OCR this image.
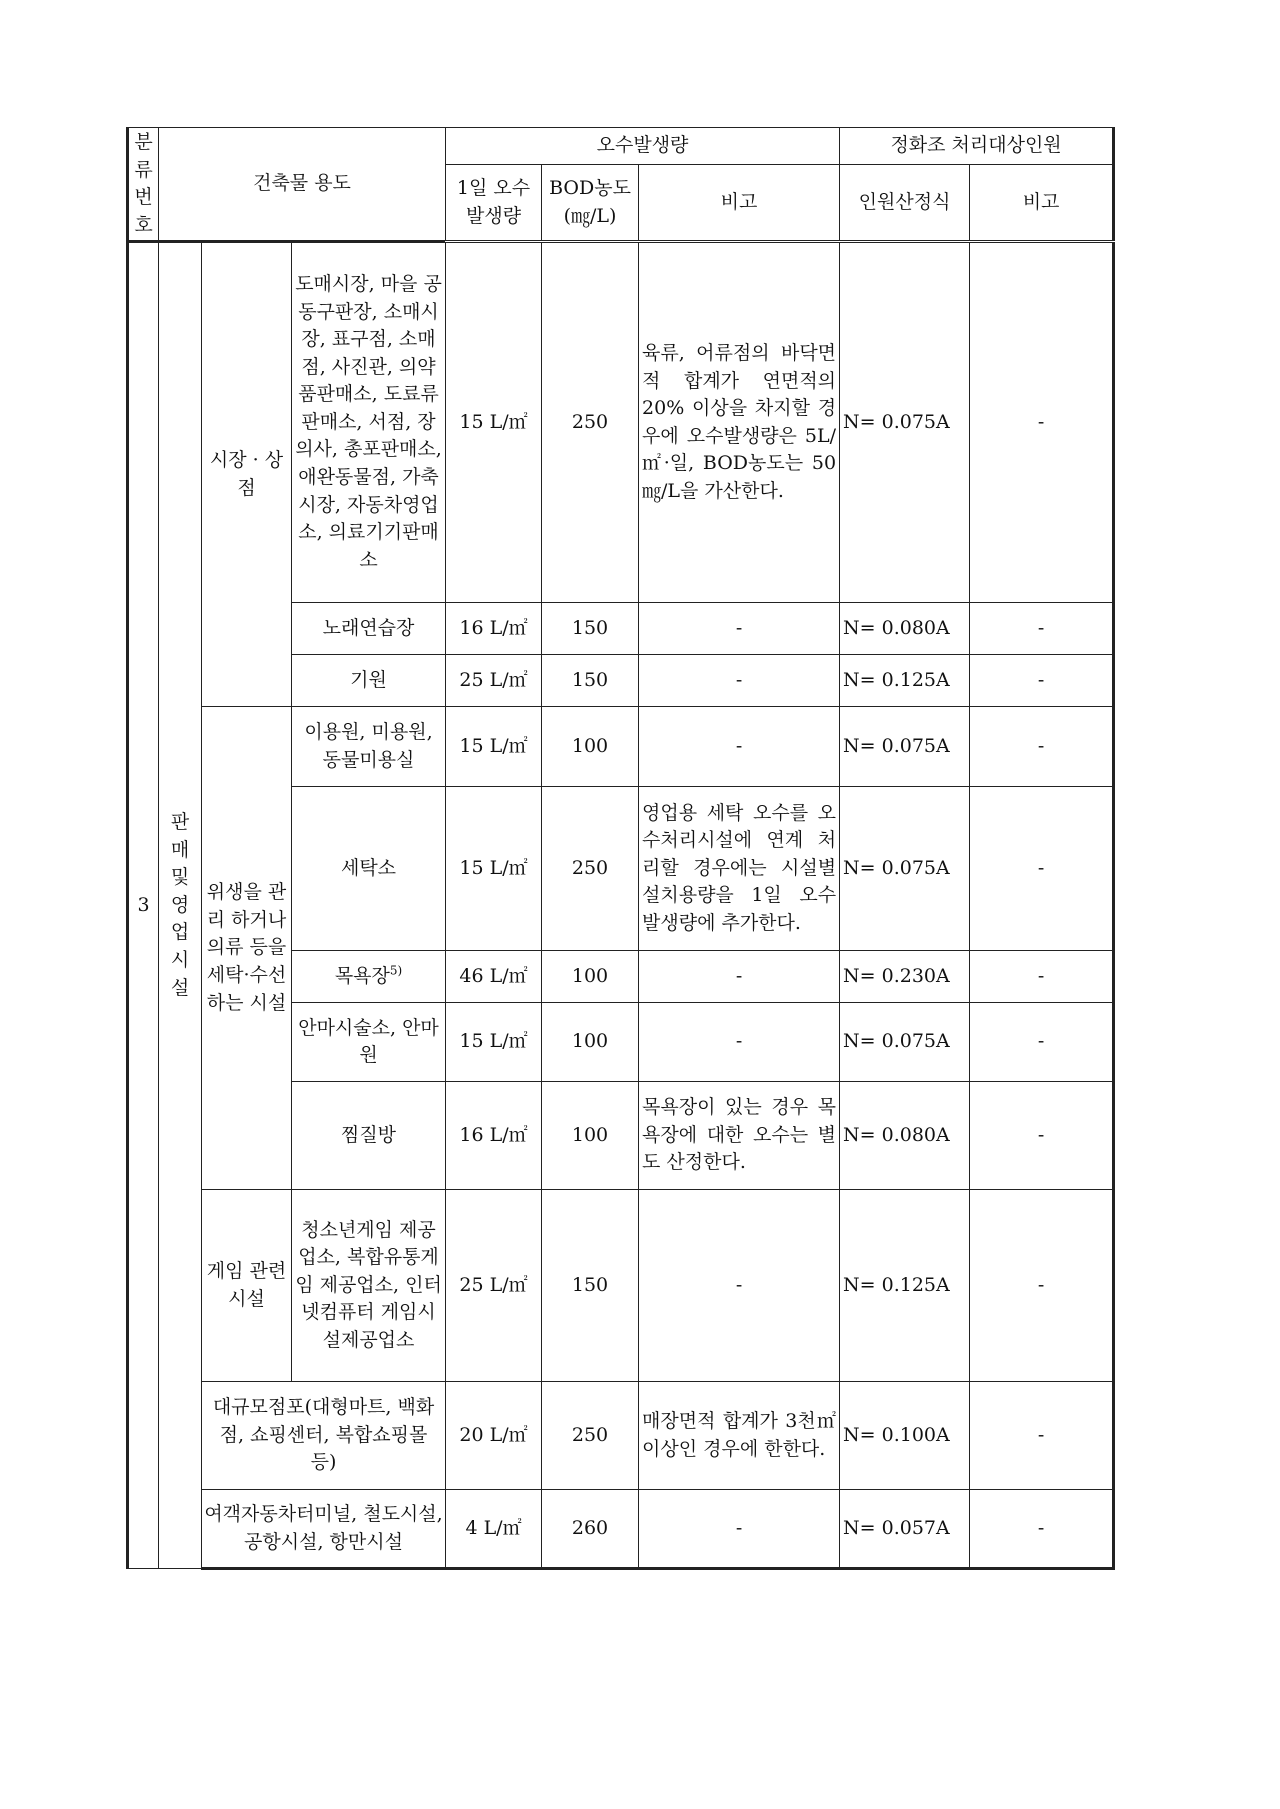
분류번호	건축물 용도			오수발생량			정화조 처리대상인원	
				1일 오수 발생량	BOD농도 (㎎/L)	비고	인원산정식	비고
3	판매및영업시설	시장 · 상점	도매시장, 마을 공동구판장, 소매시장, 표구점, 소매점, 사진관, 의약품판매소, 도료류판매소, 서점, 장의사, 총포판매소, 애완동물점, 가축시장, 자동차영업소, 의료기기판매소	15 L/㎡	250	육류, 어류점의 바닥면적 합계가 연면적의 20% 이상을 차지할 경우에 오수발생량은 5L/㎡·일, BOD농도는 50 ㎎/L을 가산한다.	N= 0.075A	-
			노래연습장	16 L/㎡	150	-	N= 0.080A	-
			기원	25 L/㎡	150	-	N= 0.125A	-
		위생을 관리 하거나 의류 등을 세탁·수선 하는 시설	이용원, 미용원, 동물미용실	15 L/㎡	100	-	N= 0.075A	-
			세탁소	15 L/㎡	250	영업용 세탁 오수를 오수처리시설에 연계 처리할 경우에는 시설별 설치용량을 1일 오수 발생량에 추가한다.	N= 0.075A	-
			목욕장$^{5)}$	46 L/㎡	100	-	N= 0.230A	-
			안마시술소, 안마원	15 L/㎡	100	-	N= 0.075A	-
			찜질방	16 L/㎡	100	목욕장이 있는 경우 목욕장에 대한 오수는 별도 산정한다.	N= 0.080A	-
		게임 관련 시설	청소년게임 제공업소, 복합유통게임 제공업소, 인터넷컴퓨터 게임시설제공업소	25 L/㎡	150	-	N= 0.125A	-
		대규모점포(대형마트, 백화점, 쇼핑센터, 복합쇼핑몰 등)		20 L/㎡	250	매장면적 합계가 3천㎡ 이상인 경우에 한한다.	N= 0.100A	-
		여객자동차터미널, 철도시설, 공항시설, 항만시설		4 L/㎡	260	-	N= 0.057A	-
